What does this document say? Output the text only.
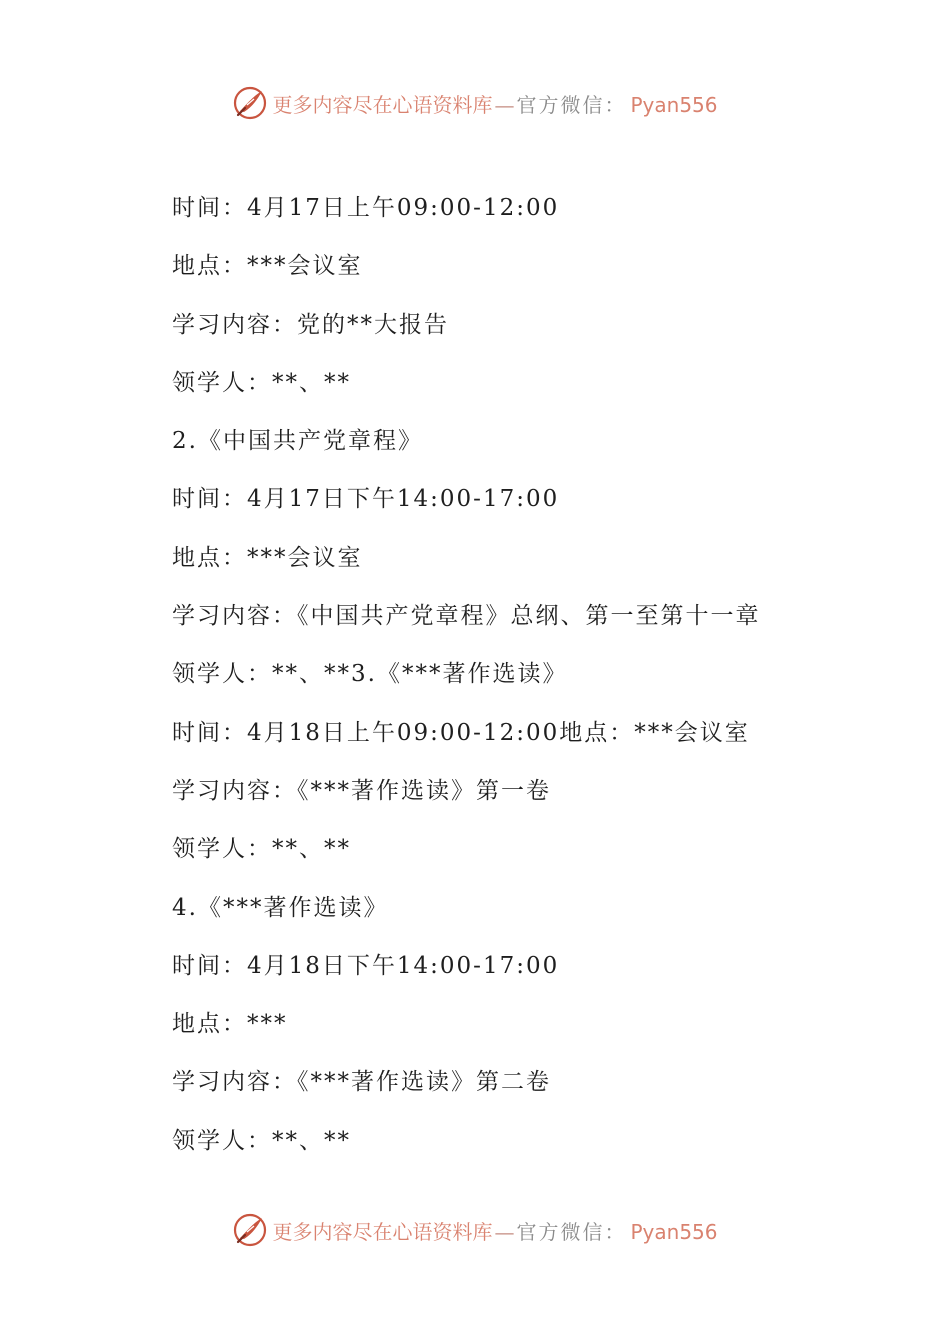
更多内容尽在心语资料库 — 官方微信： Pyan556
时间：4月17日上午09:00-12:00
地点：***会议室
学习内容：党的**大报告
领学人：**、**
2.《中国共产党章程》
时间：4月17日下午14:00-17:00
地点：***会议室
学习内容：《中国共产党章程》总纲、第一至第十一章
领学人：**、**3.《***著作选读》
时间：4月18日上午09:00-12:00地点：***会议室
学习内容：《***著作选读》第一卷
领学人：**、**
4.《***著作选读》
时间：4月18日下午14:00-17:00
地点：***
学习内容：《***著作选读》第二卷
领学人：**、**
更多内容尽在心语资料库 — 官方微信： Pyan556
